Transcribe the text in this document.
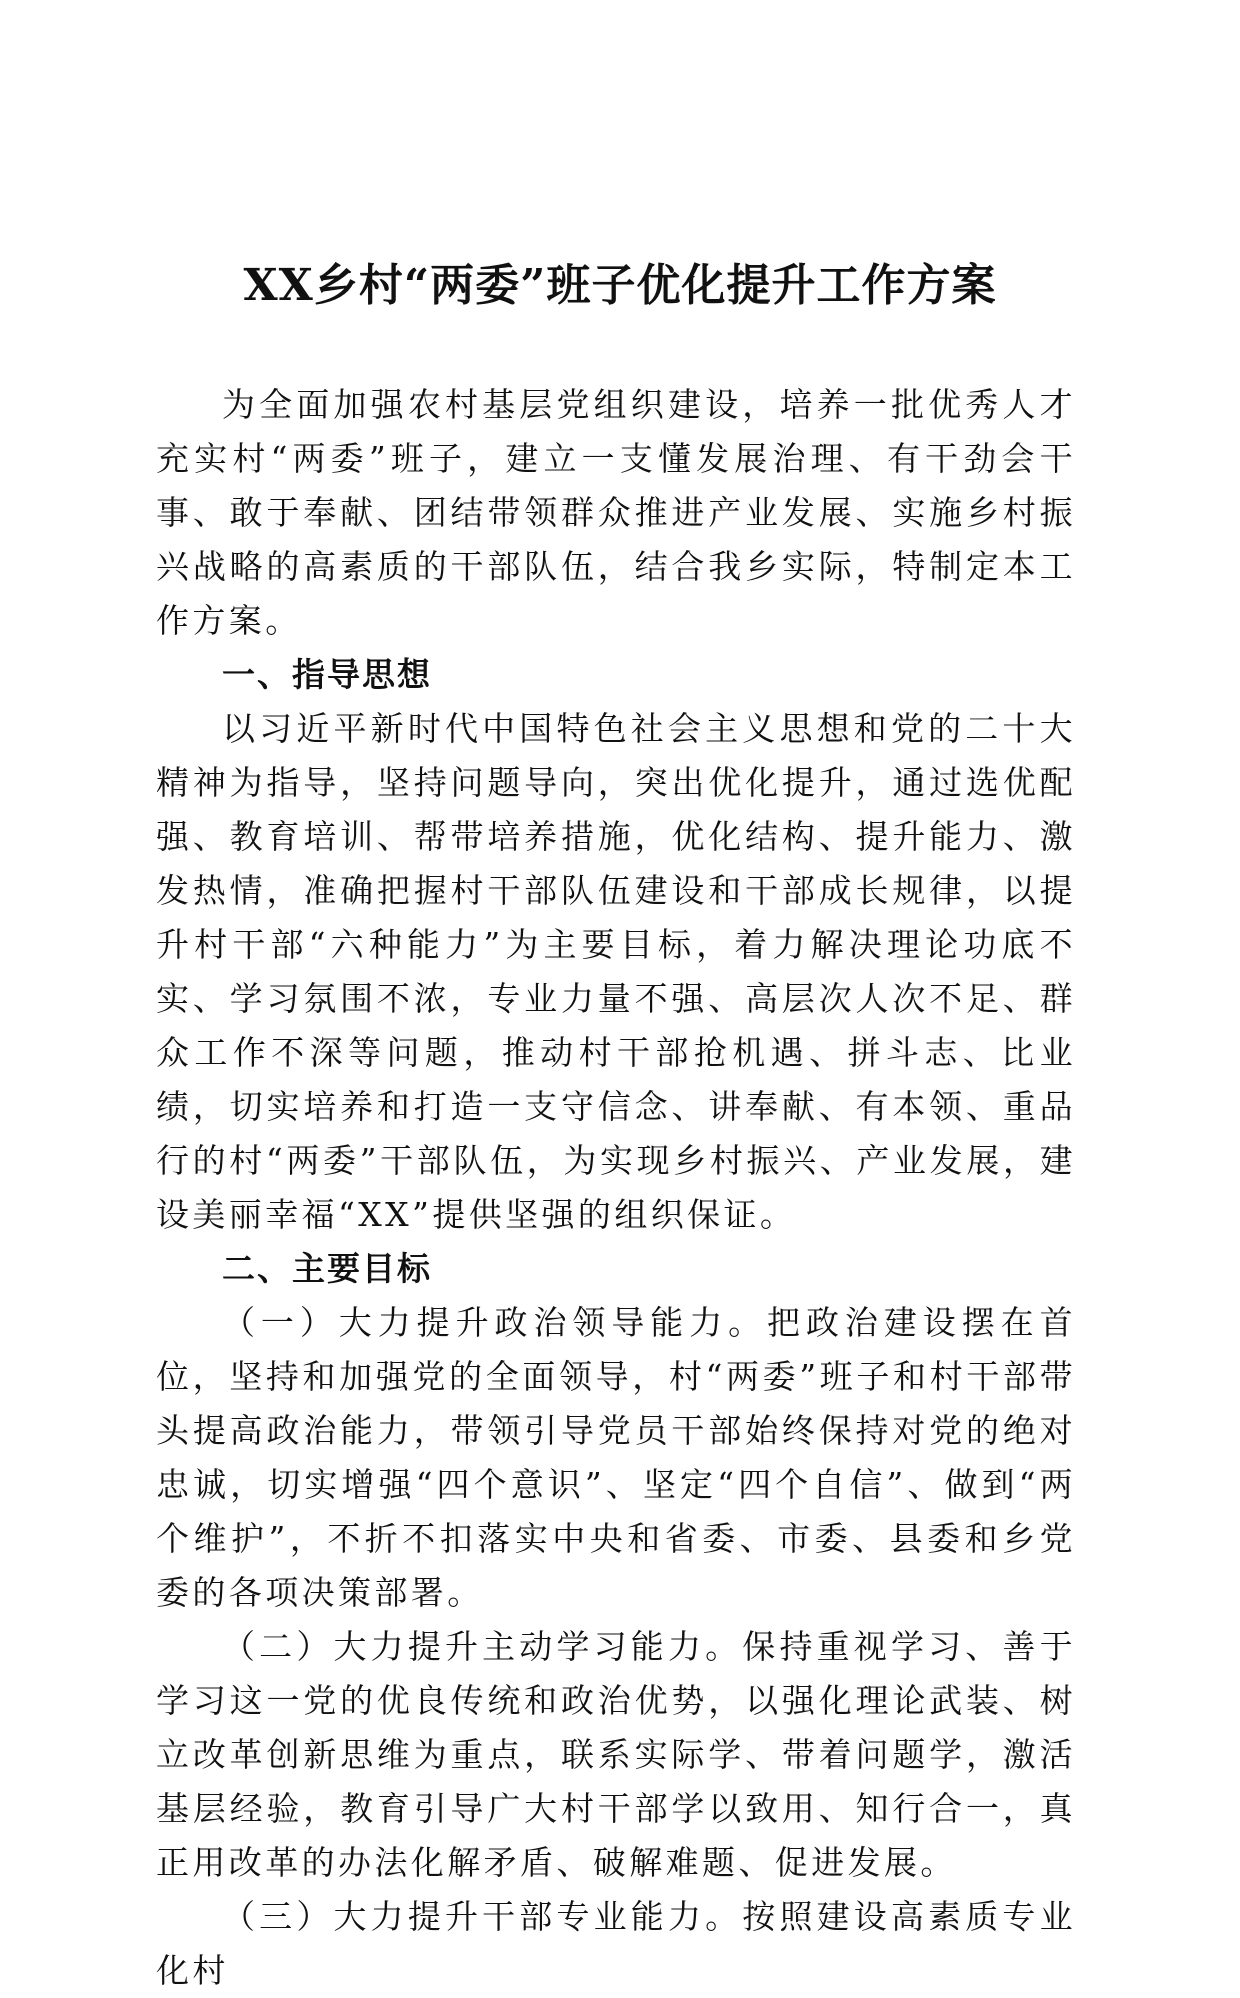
XX乡村“两委”班子优化提升工作方案

为全面加强农村基层党组织建设，培养一批优秀人才充实村“两委”班子，建立一支懂发展治理、有干劲会干事、敢于奉献、团结带领群众推进产业发展、实施乡村振兴战略的高素质的干部队伍，结合我乡实际，特制定本工作方案。

一、指导思想

以习近平新时代中国特色社会主义思想和党的二十大精神为指导，坚持问题导向，突出优化提升，通过选优配强、教育培训、帮带培养措施，优化结构、提升能力、激发热情，准确把握村干部队伍建设和干部成长规律，以提升村干部“六种能力”为主要目标，着力解决理论功底不实、学习氛围不浓，专业力量不强、高层次人次不足、群众工作不深等问题，推动村干部抢机遇、拼斗志、比业绩，切实培养和打造一支守信念、讲奉献、有本领、重品行的村“两委”干部队伍，为实现乡村振兴、产业发展，建设美丽幸福“XX”提供坚强的组织保证。

二、主要目标

（一）大力提升政治领导能力。把政治建设摆在首位，坚持和加强党的全面领导，村“两委”班子和村干部带头提高政治能力，带领引导党员干部始终保持对党的绝对忠诚，切实增强“四个意识”、坚定“四个自信”、做到“两个维护”，不折不扣落实中央和省委、市委、县委和乡党委的各项决策部署。

（二）大力提升主动学习能力。保持重视学习、善于学习这一党的优良传统和政治优势，以强化理论武装、树立改革创新思维为重点，联系实际学、带着问题学，激活基层经验，教育引导广大村干部学以致用、知行合一，真正用改革的办法化解矛盾、破解难题、促进发展。

（三）大力提升干部专业能力。按照建设高素质专业化村
